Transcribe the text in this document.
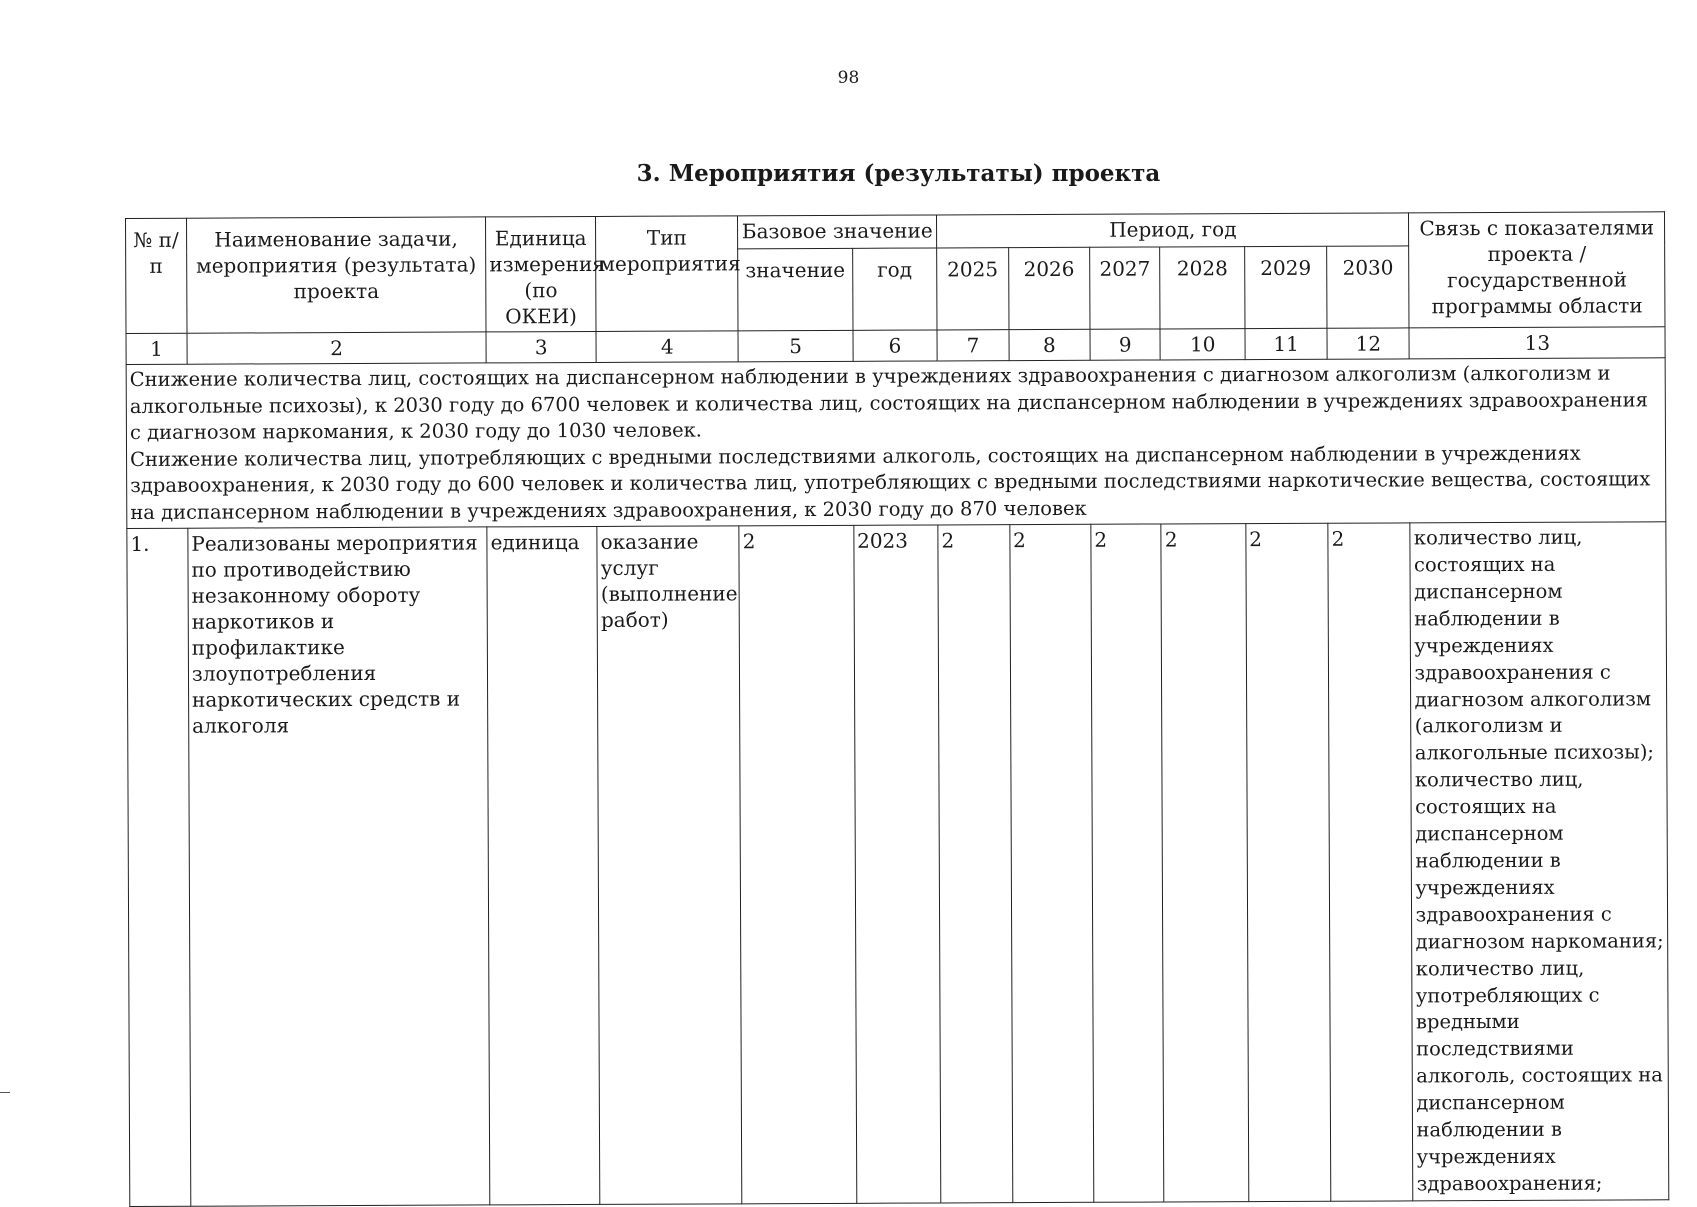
98
3. Мероприятия (результаты) проекта
№ п/п	Наименование задачи, мероприятия (результата) проекта	Единица измерения (по ОКЕИ)	Тип мероприятия	Базовое значение		Период, год						Связь с показателями проекта / государственной программы области
				значение	год	2025	2026	2027	2028	2029	2030	
1	2	3	4	5	6	7	8	9	10	11	12	13

Снижение количества лиц, состоящих на диспансерном наблюдении в учреждениях здравоохранения с диагнозом алкоголизм (алкоголизм и алкогольные психозы), к 2030 году до 6700 человек и количества лиц, состоящих на диспансерном наблюдении в учреждениях здравоохранения с диагнозом наркомания, к 2030 году до 1030 человек.

Снижение количества лиц, употребляющих с вредными последствиями алкоголь, состоящих на диспансерном наблюдении в учреждениях здравоохранения, к 2030 году до 600 человек и количества лиц, употребляющих с вредными последствиями наркотические вещества, состоящих на диспансерном наблюдении в учреждениях здравоохранения, к 2030 году до 870 человек												

1.	Реализованы мероприятия по противодействию незаконному обороту наркотиков и профилактике злоупотребления наркотических средств и алкоголя	единица	оказание услуг (выполнение работ)	2	2023	2	2	2	2	2	2	количество лиц, состоящих на диспансерном наблюдении в учреждениях здравоохранения с диагнозом алкоголизм (алкоголизм и алкогольные психозы);

количество лиц, состоящих на диспансерном наблюдении в учреждениях здравоохранения с диагнозом наркомания; количество лиц, употребляющих с вредными последствиями алкоголь, состоящих на диспансерном наблюдении в учреждениях здравоохранения;
